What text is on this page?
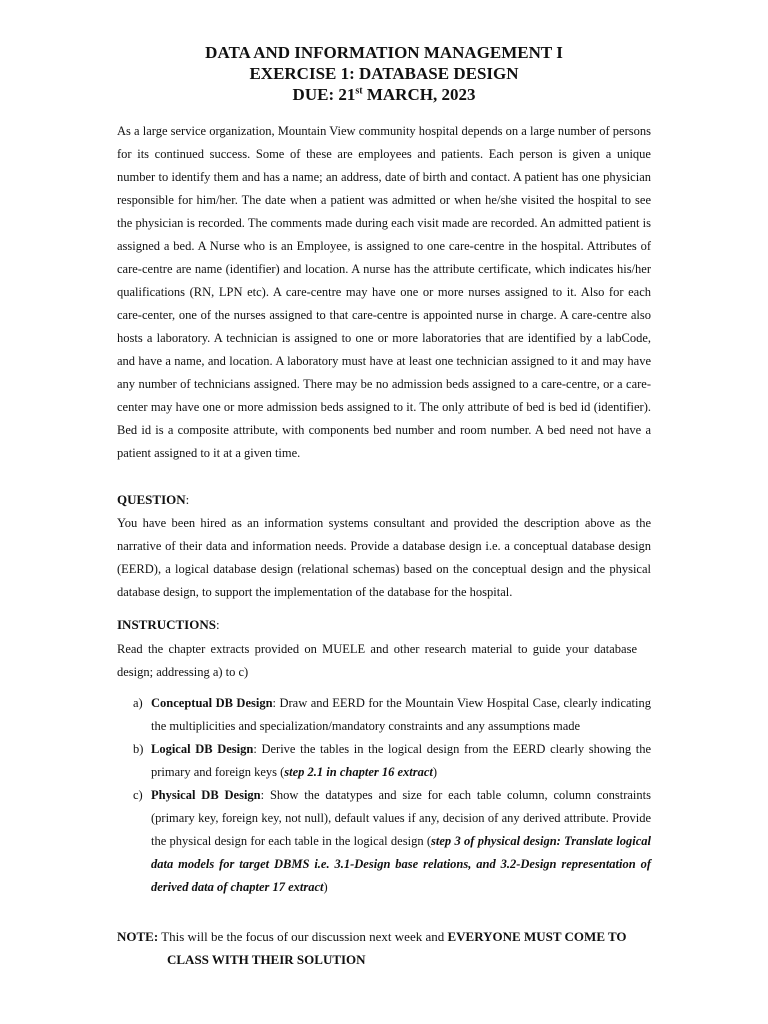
DATA AND INFORMATION MANAGEMENT I
EXERCISE 1: DATABASE DESIGN
DUE: 21st MARCH, 2023

As a large service organization, Mountain View community hospital depends on a large number of persons for its continued success. Some of these are employees and patients. Each person is given a unique number to identify them and has a name; an address, date of birth and contact. A patient has one physician responsible for him/her. The date when a patient was admitted or when he/she visited the hospital to see the physician is recorded. The comments made during each visit made are recorded. An admitted patient is assigned a bed. A Nurse who is an Employee, is assigned to one care-centre in the hospital. Attributes of care-centre are name (identifier) and location. A nurse has the attribute certificate, which indicates his/her qualifications (RN, LPN etc). A care-centre may have one or more nurses assigned to it. Also for each care-center, one of the nurses assigned to that care-centre is appointed nurse in charge. A care-centre also hosts a laboratory. A technician is assigned to one or more laboratories that are identified by a labCode, and have a name, and location. A laboratory must have at least one technician assigned to it and may have any number of technicians assigned. There may be no admission beds assigned to a care-centre, or a care-center may have one or more admission beds assigned to it. The only attribute of bed is bed id (identifier). Bed id is a composite attribute, with components bed number and room number. A bed need not have a patient assigned to it at a given time.

QUESTION:

You have been hired as an information systems consultant and provided the description above as the narrative of their data and information needs. Provide a database design i.e. a conceptual database design (EERD), a logical database design (relational schemas) based on the conceptual design and the physical database design, to support the implementation of the database for the hospital.

INSTRUCTIONS:

Read the chapter extracts provided on MUELE and other research material to guide your database design; addressing a) to c)

a) Conceptual DB Design: Draw and EERD for the Mountain View Hospital Case, clearly indicating the multiplicities and specialization/mandatory constraints and any assumptions made
b) Logical DB Design: Derive the tables in the logical design from the EERD clearly showing the primary and foreign keys (step 2.1 in chapter 16 extract)
c) Physical DB Design: Show the datatypes and size for each table column, column constraints (primary key, foreign key, not null), default values if any, decision of any derived attribute. Provide the physical design for each table in the logical design (step 3 of physical design: Translate logical data models for target DBMS i.e. 3.1-Design base relations, and 3.2-Design representation of derived data of chapter 17 extract)
NOTE: This will be the focus of our discussion next week and EVERYONE MUST COME TO
CLASS WITH THEIR SOLUTION
